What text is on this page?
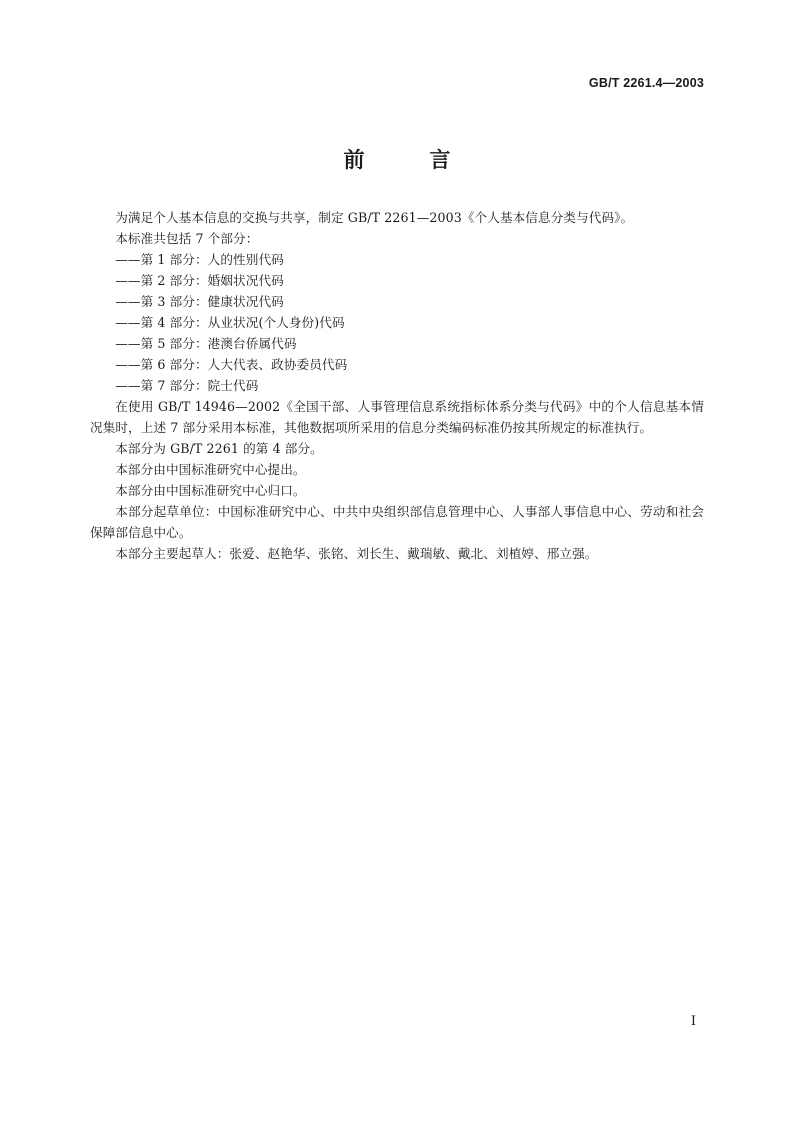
GB/T 2261.4—2003
前　言

为满足个人基本信息的交换与共享，制定 GB/T 2261—2003《个人基本信息分类与代码》。

本标准共包括 7 个部分：

——第 1 部分：人的性别代码

——第 2 部分：婚姻状况代码

——第 3 部分：健康状况代码

——第 4 部分：从业状况(个人身份)代码

——第 5 部分：港澳台侨属代码

——第 6 部分：人大代表、政协委员代码

——第 7 部分：院士代码

在使用 GB/T 14946—2002《全国干部、人事管理信息系统指标体系分类与代码》中的个人信息基本情况集时，上述 7 部分采用本标准，其他数据项所采用的信息分类编码标准仍按其所规定的标准执行。

本部分为 GB/T 2261 的第 4 部分。

本部分由中国标准研究中心提出。

本部分由中国标准研究中心归口。

本部分起草单位：中国标准研究中心、中共中央组织部信息管理中心、人事部人事信息中心、劳动和社会保障部信息中心。

本部分主要起草人：张爱、赵艳华、张铭、刘长生、戴瑞敏、戴北、刘植婷、邢立强。

I
